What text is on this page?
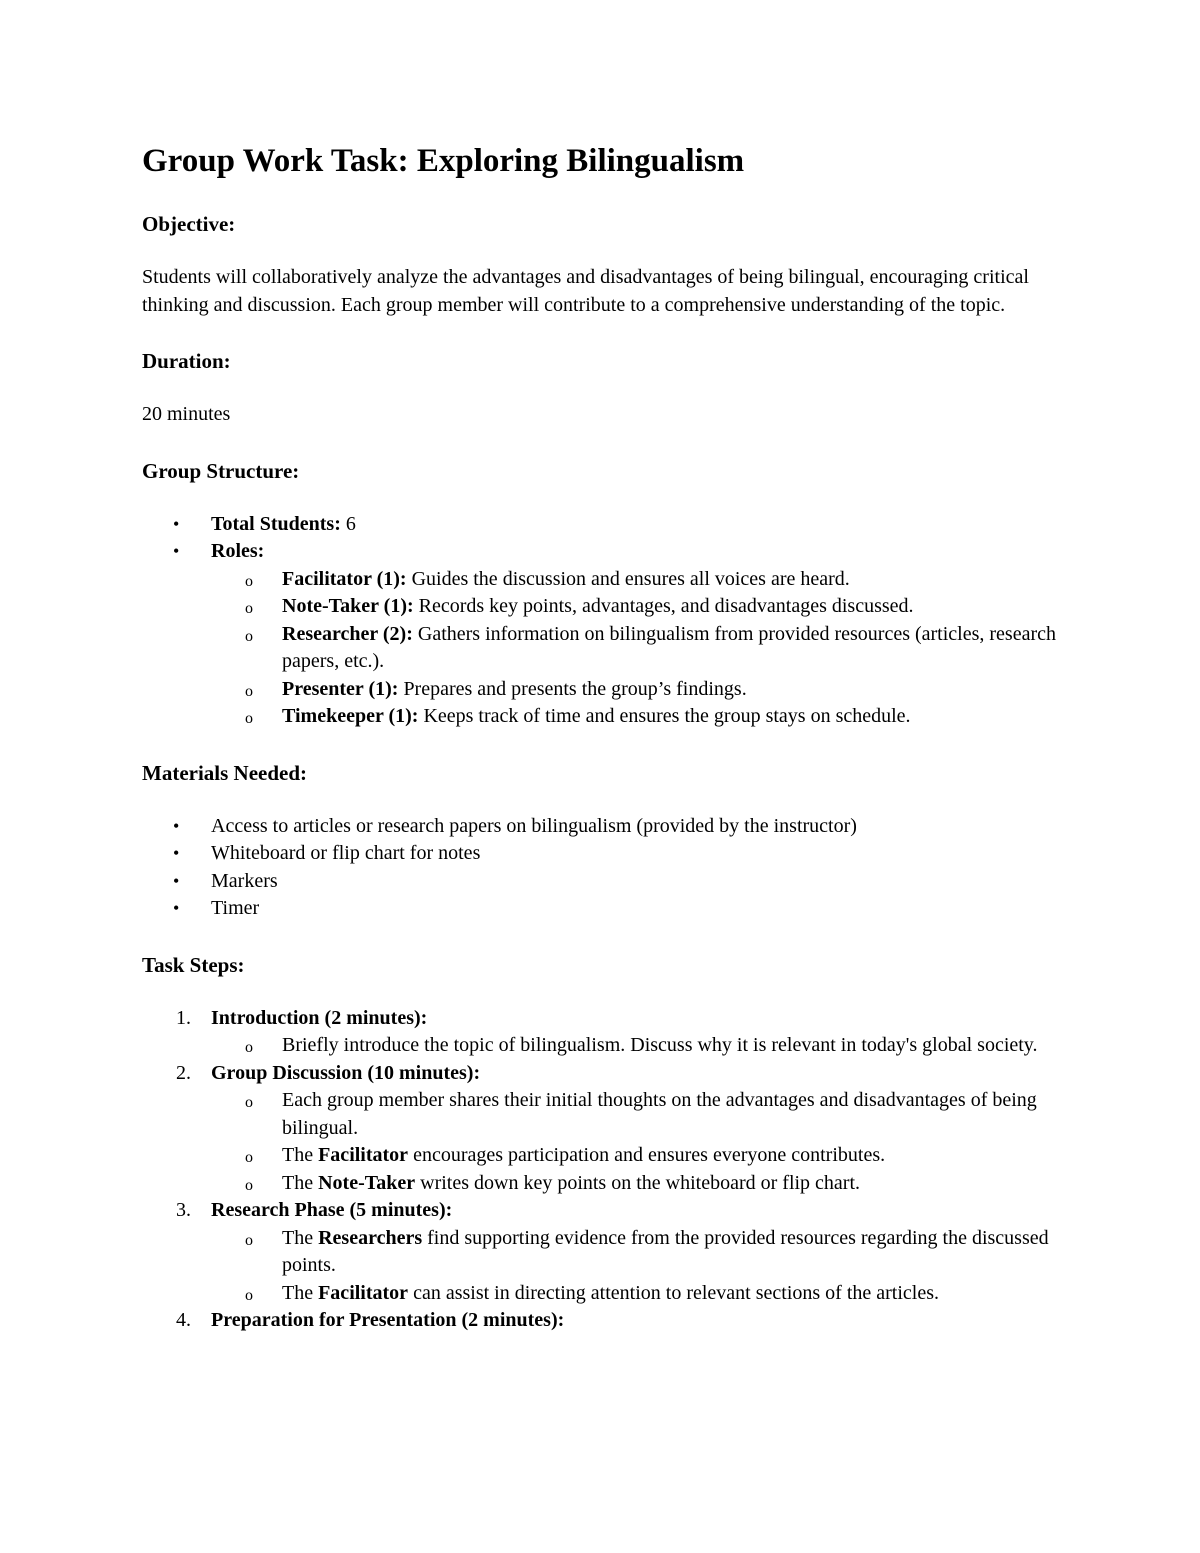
Group Work Task: Exploring Bilingualism
Objective:

Students will collaboratively analyze the advantages and disadvantages of being bilingual, encouraging critical thinking and discussion. Each group member will contribute to a comprehensive understanding of the topic.

Duration:

20 minutes

Group Structure:
• Total Students: 6
• Roles:
o Facilitator (1): Guides the discussion and ensures all voices are heard.
o Note-Taker (1): Records key points, advantages, and disadvantages discussed.
o Researcher (2): Gathers information on bilingualism from provided resources (articles, research papers, etc.).
o Presenter (1): Prepares and presents the group’s findings.
o Timekeeper (1): Keeps track of time and ensures the group stays on schedule.
Materials Needed:
• Access to articles or research papers on bilingualism (provided by the instructor)
• Whiteboard or flip chart for notes
• Markers
• Timer
Task Steps:
1. Introduction (2 minutes):
o Briefly introduce the topic of bilingualism. Discuss why it is relevant in today's global society.
2. Group Discussion (10 minutes):
o Each group member shares their initial thoughts on the advantages and disadvantages of being bilingual.
o The Facilitator encourages participation and ensures everyone contributes.
o The Note-Taker writes down key points on the whiteboard or flip chart.
3. Research Phase (5 minutes):
o The Researchers find supporting evidence from the provided resources regarding the discussed points.
o The Facilitator can assist in directing attention to relevant sections of the articles.
4. Preparation for Presentation (2 minutes):
